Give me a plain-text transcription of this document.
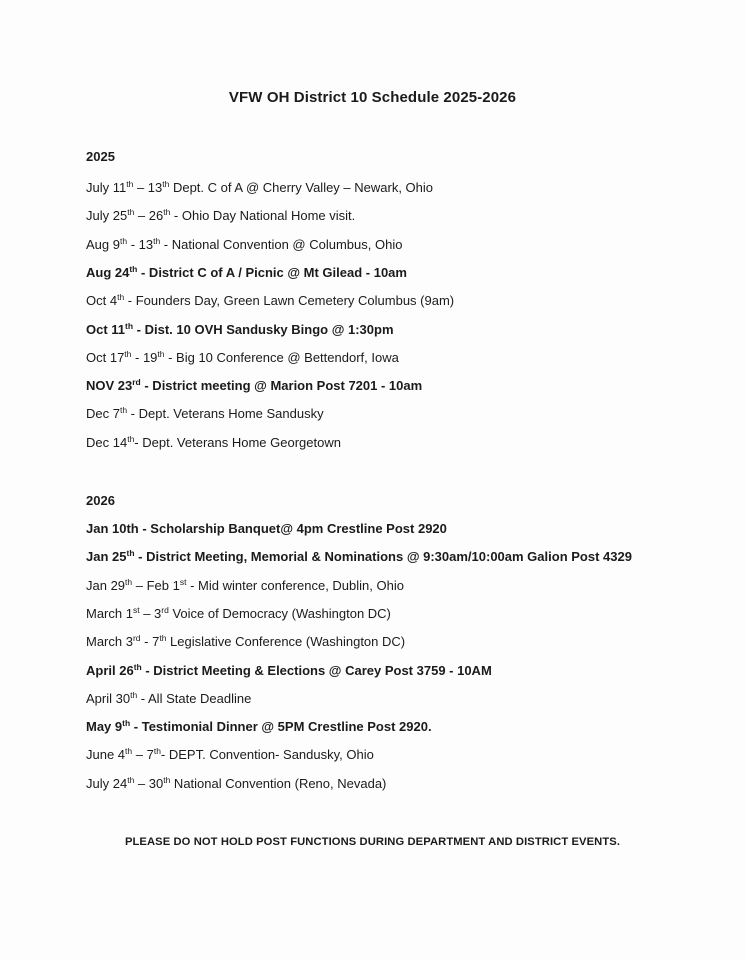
VFW OH District 10 Schedule 2025-2026
2025
July 11th – 13th Dept. C of A @ Cherry Valley – Newark, Ohio
July 25th – 26th - Ohio Day National Home visit.
Aug 9th - 13th - National Convention @ Columbus, Ohio
Aug 24th - District C of A / Picnic @ Mt Gilead - 10am
Oct 4th - Founders Day, Green Lawn Cemetery Columbus (9am)
Oct 11th - Dist. 10 OVH Sandusky Bingo @ 1:30pm
Oct 17th - 19th - Big 10 Conference @ Bettendorf, Iowa
NOV 23rd - District meeting @ Marion Post 7201 - 10am
Dec 7th - Dept. Veterans Home Sandusky
Dec 14th- Dept. Veterans Home Georgetown
2026
Jan 10th - Scholarship Banquet@ 4pm Crestline Post 2920
Jan 25th - District Meeting, Memorial & Nominations @ 9:30am/10:00am Galion Post 4329
Jan 29th – Feb 1st - Mid winter conference, Dublin, Ohio
March 1st – 3rd Voice of Democracy (Washington DC)
March 3rd - 7th Legislative Conference (Washington DC)
April 26th - District Meeting & Elections @ Carey Post 3759 - 10AM
April 30th - All State Deadline
May 9th - Testimonial Dinner @ 5PM Crestline Post 2920.
June 4th – 7th- DEPT. Convention- Sandusky, Ohio
July 24th – 30th National Convention (Reno, Nevada)
PLEASE DO NOT HOLD POST FUNCTIONS DURING DEPARTMENT AND DISTRICT EVENTS.
